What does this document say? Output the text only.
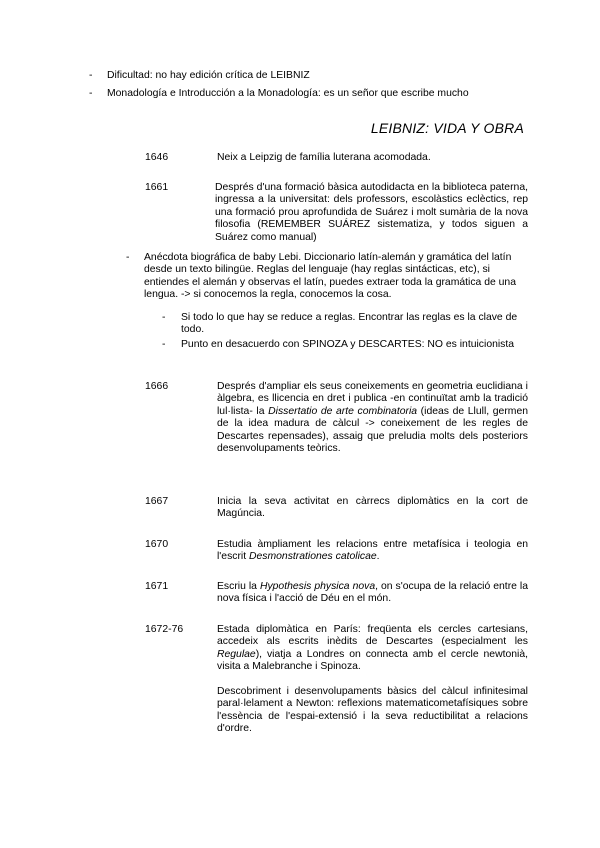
-	Dificultad: no hay edición crítica de LEIBNIZ
-	Monadología e Introducción a la Monadología: es un señor que escribe mucho
LEIBNIZ: VIDA Y OBRA
1646	Neix a Leipzig de família luterana acomodada.
1661	Després d'una formació bàsica autodidacta en la biblioteca paterna, ingressa a la universitat: dels professors, escolàstics eclèctics, rep una formació prou aprofundida de Suárez i molt sumària de la nova filosofia (REMEMBER SUÁREZ sistematiza, y todos siguen a Suárez como manual)
-	Anécdota biográfica de baby Lebi. Diccionario latín-alemán y gramática del latín desde un texto bilingüe. Reglas del lenguaje (hay reglas sintácticas, etc), si entiendes el alemán y observas el latín, puedes extraer toda la gramática de una lengua. -> si conocemos la regla, conocemos la cosa.
-	Si todo lo que hay se reduce a reglas. Encontrar las reglas es la clave de todo.
-	Punto en desacuerdo con SPINOZA y DESCARTES: NO es intuicionista
1666	Després d'ampliar els seus coneixements en geometria euclidiana i àlgebra, es llicencia en dret i publica -en continuïtat amb la tradició lul·lista- la Dissertatio de arte combinatoria (ideas de Llull, germen de la idea madura de càlcul -> coneixement de les regles de Descartes repensades), assaig que preludia molts dels posteriors desenvolupaments teòrics.
1667	Inicia la seva activitat en càrrecs diplomàtics en la cort de Magúncia.
1670	Estudia àmpliament les relacions entre metafísica i teologia en l'escrit Desmonstrationes catolicae.
1671	Escriu la Hypothesis physica nova, on s'ocupa de la relació entre la nova física i l'acció de Déu en el món.
1672-76	Estada diplomàtica en París: freqüenta els cercles cartesians, accedeix als escrits inèdits de Descartes (especialment les Regulae), viatja a Londres on connecta amb el cercle newtonià, visita a Malebranche i Spinoza.
Descobriment i desenvolupaments bàsics del càlcul infinitesimal paral·lelament a Newton: reflexions matematicometafísiques sobre l'essència de l'espai-extensió i la seva reductibilitat a relacions d'ordre.
